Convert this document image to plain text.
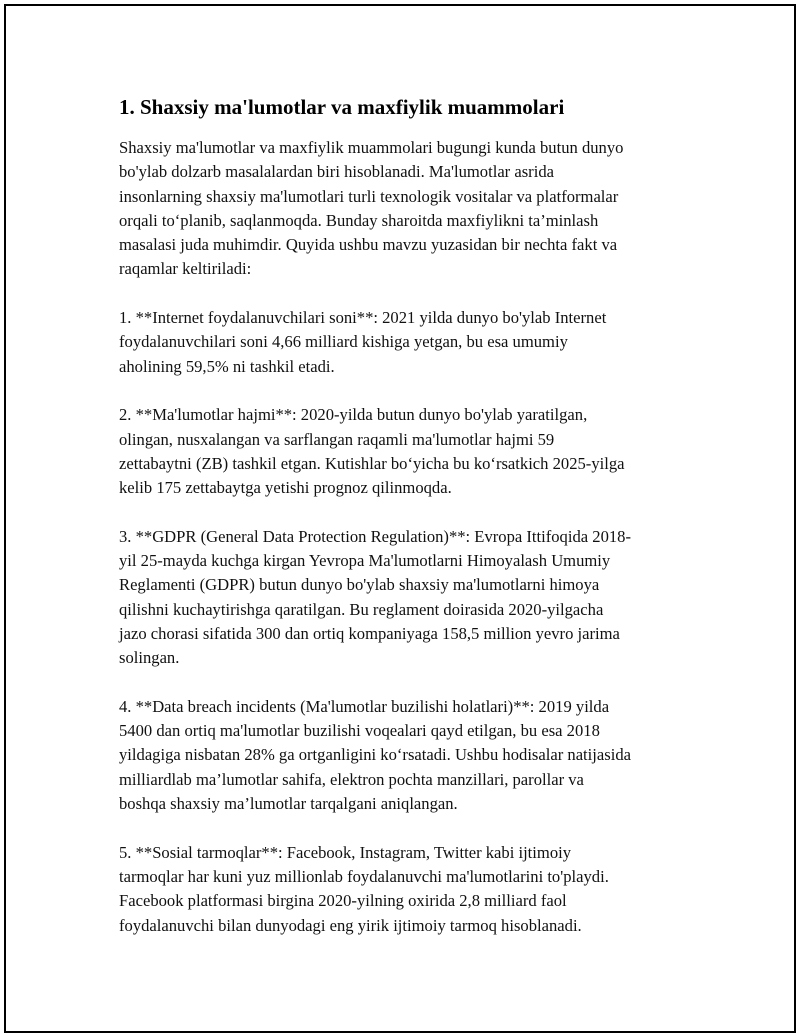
1. Shaxsiy ma'lumotlar va maxfiylik muammolari

Shaxsiy ma'lumotlar va maxfiylik muammolari bugungi kunda butun dunyo
bo'ylab dolzarb masalalardan biri hisoblanadi. Ma'lumotlar asrida
insonlarning shaxsiy ma'lumotlari turli texnologik vositalar va platformalar
orqali to‘planib, saqlanmoqda. Bunday sharoitda maxfiylikni ta’minlash
masalasi juda muhimdir. Quyida ushbu mavzu yuzasidan bir nechta fakt va
raqamlar keltiriladi:

1. **Internet foydalanuvchilari soni**: 2021 yilda dunyo bo'ylab Internet
foydalanuvchilari soni 4,66 milliard kishiga yetgan, bu esa umumiy
aholining 59,5% ni tashkil etadi.

2. **Ma'lumotlar hajmi**: 2020-yilda butun dunyo bo'ylab yaratilgan,
olingan, nusxalangan va sarflangan raqamli ma'lumotlar hajmi 59
zettabaytni (ZB) tashkil etgan. Kutishlar bo‘yicha bu ko‘rsatkich 2025-yilga
kelib 175 zettabaytga yetishi prognoz qilinmoqda.

3. **GDPR (General Data Protection Regulation)**: Evropa Ittifoqida 2018-
yil 25-mayda kuchga kirgan Yevropa Ma'lumotlarni Himoyalash Umumiy
Reglamenti (GDPR) butun dunyo bo'ylab shaxsiy ma'lumotlarni himoya
qilishni kuchaytirishga qaratilgan. Bu reglament doirasida 2020-yilgacha
jazo chorasi sifatida 300 dan ortiq kompaniyaga 158,5 million yevro jarima
solingan.

4. **Data breach incidents (Ma'lumotlar buzilishi holatlari)**: 2019 yilda
5400 dan ortiq ma'lumotlar buzilishi voqealari qayd etilgan, bu esa 2018
yildagiga nisbatan 28% ga ortganligini ko‘rsatadi. Ushbu hodisalar natijasida
milliardlab ma’lumotlar sahifa, elektron pochta manzillari, parollar va
boshqa shaxsiy ma’lumotlar tarqalgani aniqlangan.

5. **Sosial tarmoqlar**: Facebook, Instagram, Twitter kabi ijtimoiy
tarmoqlar har kuni yuz millionlab foydalanuvchi ma'lumotlarini to'playdi.
Facebook platformasi birgina 2020-yilning oxirida 2,8 milliard faol
foydalanuvchi bilan dunyodagi eng yirik ijtimoiy tarmoq hisoblanadi.
